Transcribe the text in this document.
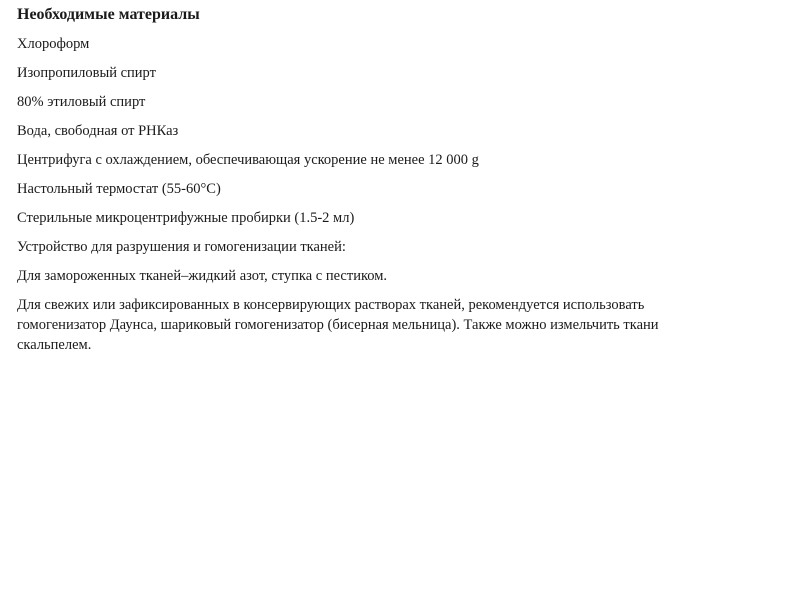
Необходимые материалы
Хлороформ
Изопропиловый спирт
80% этиловый спирт
Вода, свободная от РНКаз
Центрифуга с охлаждением, обеспечивающая ускорение не менее 12 000 g
Настольный термостат (55-60°С)
Стерильные микроцентрифужные пробирки (1.5-2 мл)
Устройство для разрушения и гомогенизации тканей:
Для замороженных тканей–жидкий азот, ступка с пестиком.
Для свежих или зафиксированных в консервирующих растворах тканей, рекомендуется использовать гомогенизатор Даунса, шариковый гомогенизатор (бисерная мельница). Также можно измельчить ткани скальпелем.
